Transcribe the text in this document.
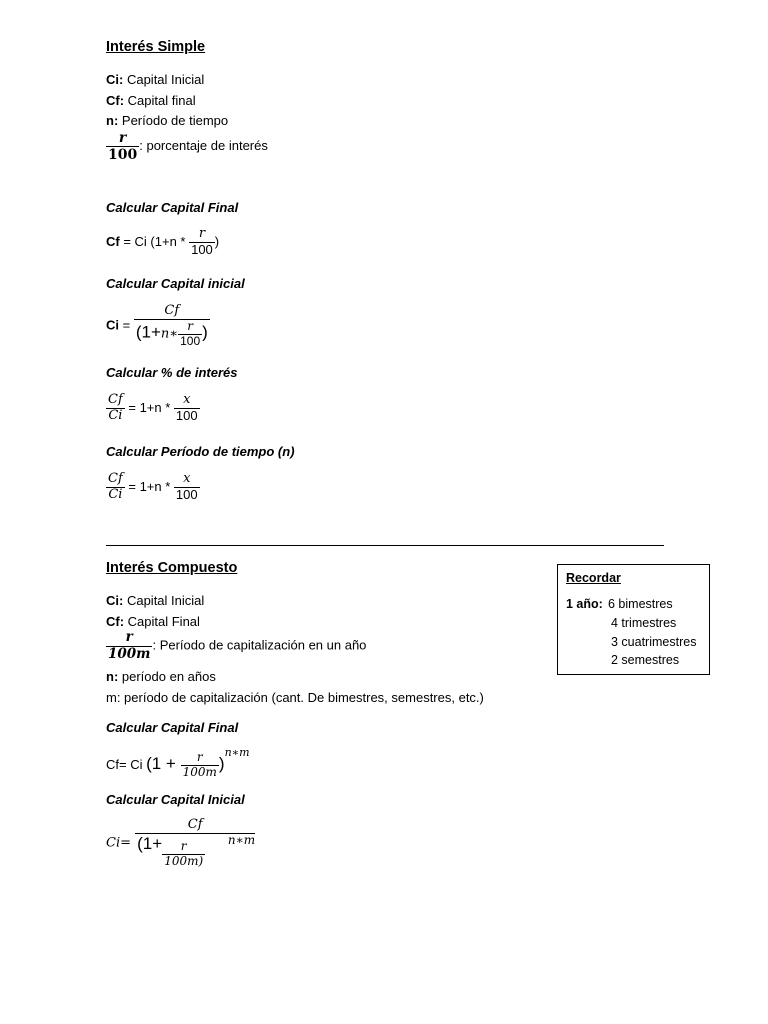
Interés Simple
Ci: Capital Inicial
Cf: Capital final
n: Período de tiempo
$\frac{r}{100}$ : porcentaje de interés
Calcular Capital Final
Cf = Ci ($1+n * \frac{r}{100}$ )
Calcular Capital inicial
$Ci = \frac{Cf}{(1+n∗ \frac{r}{100} )}$
Calcular % de interés
$\frac{Cf}{Ci} = 1+n * \frac{x}{100}$
Calcular Período de tiempo (n)
$\frac{Cf}{Ci} = 1+n * \frac{x}{100}$
Interés Compuesto
Ci: Capital Inicial
Cf: Capital Final
$\frac{r}{100m}$ : Período de capitalización en un año
n: período en años
m: período de capitalización (cant. De bimestres, semestres, etc.)
Calcular Capital Final
Cf= Ci $(1 + \frac{r}{100m} )^{n∗m}$
Calcular Capital Inicial
$Ci= \frac{Cf}{(1+ \frac{r}{100m)} n∗m}$
Recordar
1 año: 6 bimestres
4 trimestres
3 cuatrimestres
2 semestres
